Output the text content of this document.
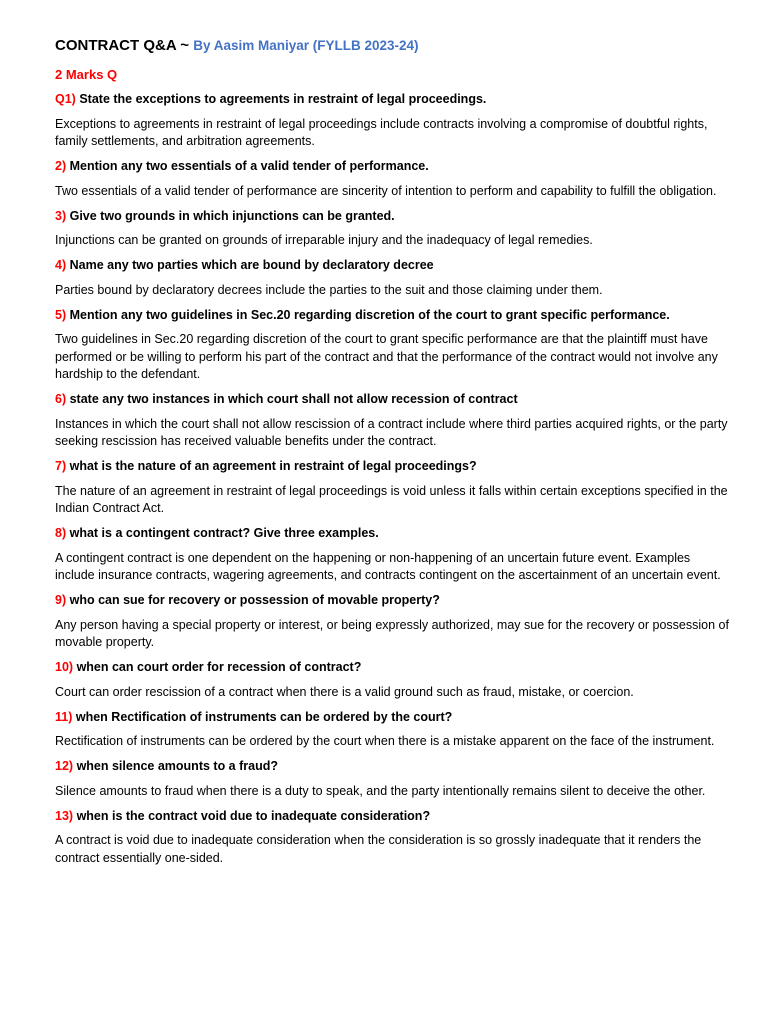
CONTRACT Q&A ~ By Aasim Maniyar (FYLLB 2023-24)
2 Marks Q
Q1) State the exceptions to agreements in restraint of legal proceedings.
Exceptions to agreements in restraint of legal proceedings include contracts involving a compromise of doubtful rights, family settlements, and arbitration agreements.
2) Mention any two essentials of a valid tender of performance.
Two essentials of a valid tender of performance are sincerity of intention to perform and capability to fulfill the obligation.
3) Give two grounds in which injunctions can be granted.
Injunctions can be granted on grounds of irreparable injury and the inadequacy of legal remedies.
4) Name any two parties which are bound by declaratory decree
Parties bound by declaratory decrees include the parties to the suit and those claiming under them.
5) Mention any two guidelines in Sec.20 regarding discretion of the court to grant specific performance.
Two guidelines in Sec.20 regarding discretion of the court to grant specific performance are that the plaintiff must have performed or be willing to perform his part of the contract and that the performance of the contract would not involve any hardship to the defendant.
6) state any two instances in which court shall not allow recession of contract
Instances in which the court shall not allow rescission of a contract include where third parties acquired rights, or the party seeking rescission has received valuable benefits under the contract.
7) what is the nature of an agreement in restraint of legal proceedings?
The nature of an agreement in restraint of legal proceedings is void unless it falls within certain exceptions specified in the Indian Contract Act.
8) what is a contingent contract? Give three examples.
A contingent contract is one dependent on the happening or non-happening of an uncertain future event. Examples include insurance contracts, wagering agreements, and contracts contingent on the ascertainment of an uncertain event.
9) who can sue for recovery or possession of movable property?
Any person having a special property or interest, or being expressly authorized, may sue for the recovery or possession of movable property.
10) when can court order for recession of contract?
Court can order rescission of a contract when there is a valid ground such as fraud, mistake, or coercion.
11) when Rectification of instruments can be ordered by the court?
Rectification of instruments can be ordered by the court when there is a mistake apparent on the face of the instrument.
12) when silence amounts to a fraud?
Silence amounts to fraud when there is a duty to speak, and the party intentionally remains silent to deceive the other.
13) when is the contract void due to inadequate consideration?
A contract is void due to inadequate consideration when the consideration is so grossly inadequate that it renders the contract essentially one-sided.
